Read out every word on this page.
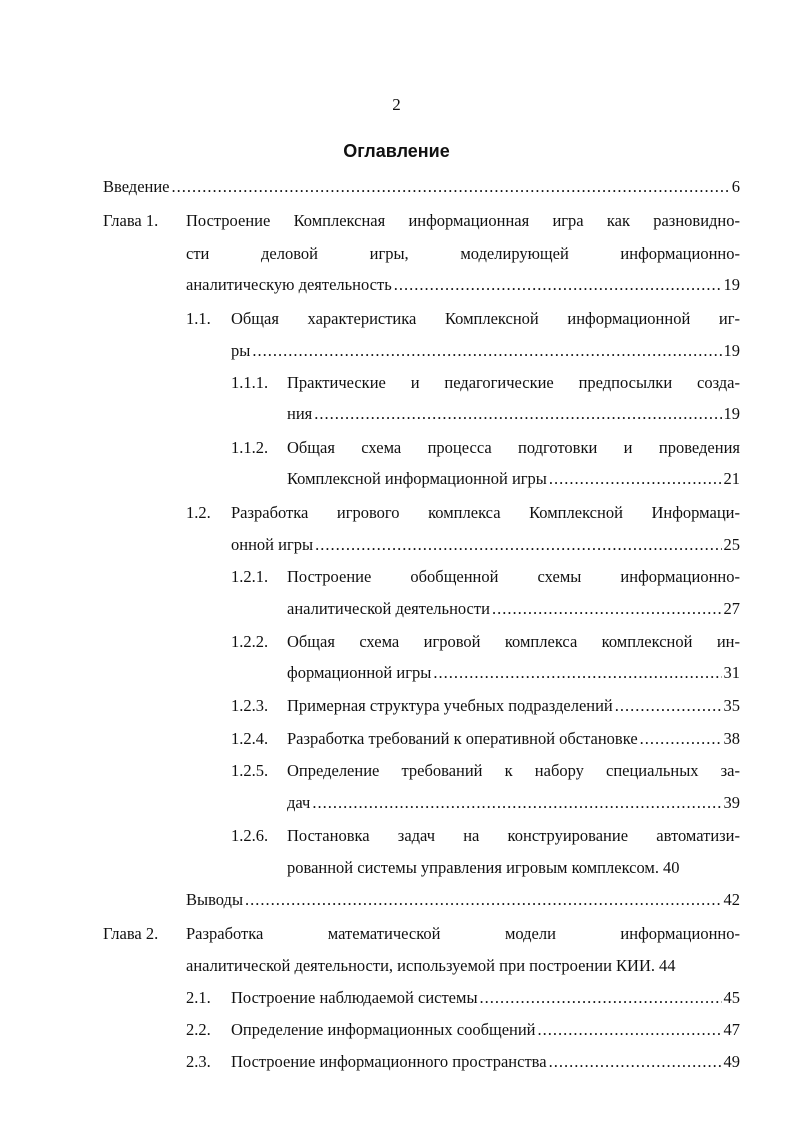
2
Оглавление
Введение .....	6
Глава 1. Построение Комплексная информационная игра как разновидно-
сти деловой игры, моделирующей информационно-
аналитическую деятельность .....	19
1.1. Общая характеристика Комплексной информационной иг-
ры .....	19
1.1.1. Практические и педагогические предпосылки созда-
ния .....	19
1.1.2. Общая схема процесса подготовки и проведения
Комплексной информационной игры .....	21
1.2. Разработка игрового комплекса Комплексной Информаци-
онной игры .....	25
1.2.1. Построение обобщенной схемы информационно-
аналитической деятельности .....	27
1.2.2. Общая схема игровой комплекса комплексной ин-
формационной игры .....	31
1.2.3. Примерная структура учебных подразделений .....	35
1.2.4. Разработка требований к оперативной обстановке .....	38
1.2.5. Определение требований к набору специальных за-
дач .....	39
1.2.6. Постановка задач на конструирование автоматизи-
рованной системы управления игровым комплексом. 40
Выводы .....	42
Глава 2. Разработка математической модели информационно-
аналитической деятельности, используемой при построении КИИ. 44
2.1. Построение наблюдаемой системы .....	45
2.2. Определение информационных сообщений .....	47
2.3. Построение информационного пространства .....	49
